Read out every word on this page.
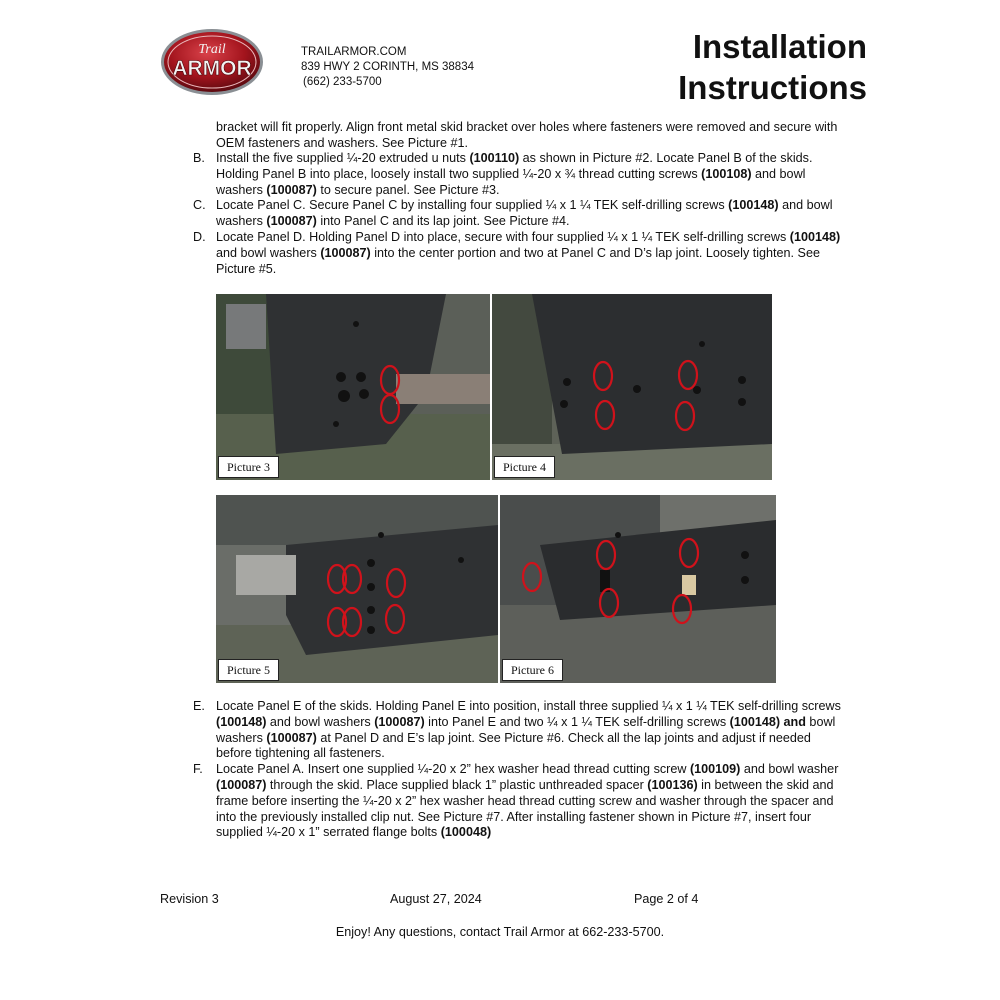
Trail
ARMOR
TRAILARMOR.COM
839 HWY 2 CORINTH, MS 38834
(662) 233-5700
Installation
Instructions
bracket will fit properly. Align front metal skid bracket over holes where fasteners were removed and secure with OEM fasteners and washers. See Picture #1.
B. Install the five supplied ¼-20 extruded u nuts (100110) as shown in Picture #2. Locate Panel B of the skids. Holding Panel B into place, loosely install two supplied ¼-20 x ¾ thread cutting screws (100108) and bowl washers (100087) to secure panel. See Picture #3.
C. Locate Panel C. Secure Panel C by installing four supplied ¼ x 1 ¼ TEK self-drilling screws (100148) and bowl washers (100087) into Panel C and its lap joint. See Picture #4.
D. Locate Panel D. Holding Panel D into place, secure with four supplied ¼ x 1 ¼ TEK self-drilling screws (100148) and bowl washers (100087) into the center portion and two at Panel C and D’s lap joint. Loosely tighten. See Picture #5.
Picture 3	Picture 4
Picture 5	Picture 6
E. Locate Panel E of the skids. Holding Panel E into position, install three supplied ¼ x 1 ¼ TEK self-drilling screws (100148) and bowl washers (100087) into Panel E and two ¼ x 1 ¼ TEK self-drilling screws (100148) and bowl washers (100087) at Panel D and E’s lap joint. See Picture #6. Check all the lap joints and adjust if needed before tightening all fasteners.
F. Locate Panel A. Insert one supplied ¼-20 x 2” hex washer head thread cutting screw (100109) and bowl washer (100087) through the skid. Place supplied black 1” plastic unthreaded spacer (100136) in between the skid and frame before inserting the ¼-20 x 2” hex washer head thread cutting screw and washer through the spacer and into the previously installed clip nut. See Picture #7. After installing fastener shown in Picture #7, insert four supplied ¼-20 x 1” serrated flange bolts (100048)
Revision 3	August 27, 2024	Page 2 of 4
Enjoy! Any questions, contact Trail Armor at 662-233-5700.
